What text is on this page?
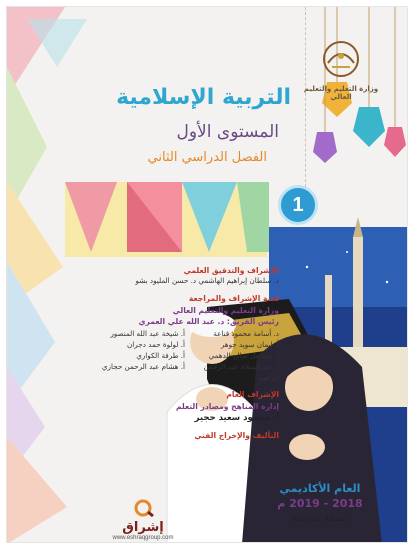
وزارة التعليم والتعليم العالي
التربية الإسلامية
المستوى الأول
الفصل الدراسي الثاني
1
الإشراف والتدقيق العلمي
د. سلطان إبراهيم الهاشمي د. حسن المليود بشو
لجنة الإشراف والمراجعة
وزارة التعليم والتعليم العالي
رئيس الفريق: د. عبد الله علي العمري
د. أسامة محمود قناعة
أ. شيخة عبد الله المنصور
أ. إيمان سويد جوهر
أ. لولوة حمد دجران
أ. مشاعل صالح الدهمي
أ. طرفة الكواري
أ. عبد السلام عبد الرحمن إبراهيم
أ. هشام عبد الرحمن حجازي
الإشراف العام
إدارة المناهج ومصادر التعلم
أ. محمود سعيد حجير
التأليف والإخراج الفني
إشراق
www.eshraqgroup.com
العام الأكاديمي
2018 - 2019 م
نسخة تجريبية
